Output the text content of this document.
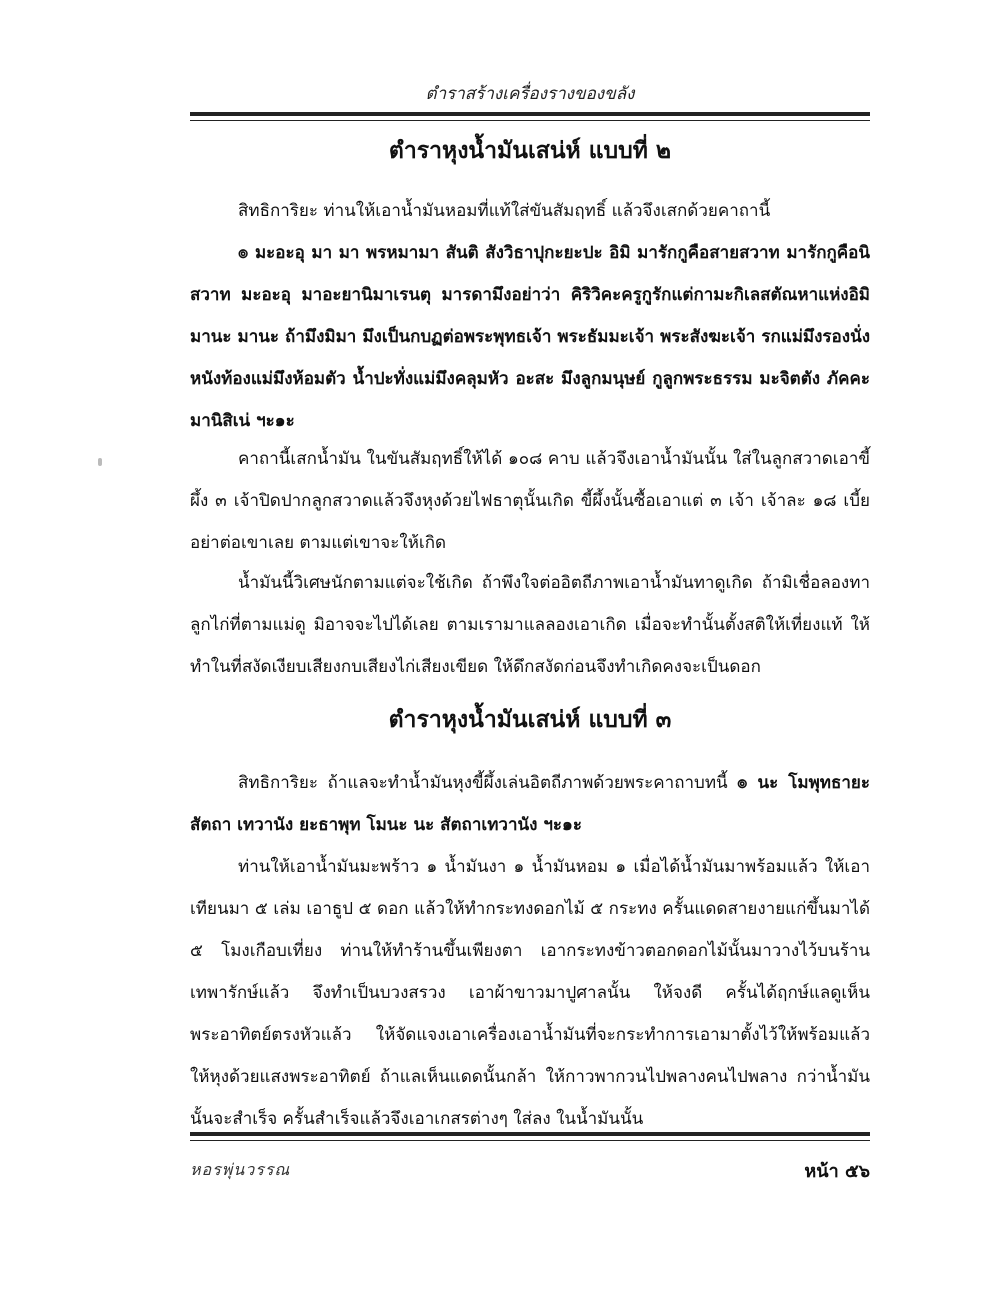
ตำราสร้างเครื่องรางของขลัง
ตำราหุงน้ำมันเสน่ห์ แบบที่ ๒

สิทธิการิยะ ท่านให้เอาน้ำมันหอมที่แท้ใส่ขันสัมฤทธิ์ แล้วจึงเสกด้วยคาถานี้

๏ มะอะอุ มา มา พรหมามา สันติ สังวิธาปุกะยะปะ อิมิ มารักกูคือสายสวาท มารักกูคือนิสวาท มะอะอุ มาอะยานิมาเรนตุ มารดามึงอย่าว่า คิริวิคะครูกูรักแต่กามะกิเลสตัณหาแห่งอิมิ มานะ มานะ ถ้ามึงมิมา มึงเป็นกบฏต่อพระพุทธเจ้า พระธัมมะเจ้า พระสังฆะเจ้า รกแม่มึงรองนั่ง หนังท้องแม่มึงห้อมตัว น้ำปะทั่งแม่มึงคลุมหัว อะสะ มึงลูกมนุษย์ กูลูกพระธรรม มะจิตตัง ภัคคะมานิสิเน่ ฯะ๑ะ

คาถานี้เสกน้ำมัน ในขันสัมฤทธิ์ให้ได้ ๑๐๘ คาบ แล้วจึงเอาน้ำมันนั้น ใส่ในลูกสวาดเอาขี้ผึ้ง ๓ เจ้าปิดปากลูกสวาดแล้วจึงหุงด้วยไฟธาตุนั้นเกิด ขี้ผึ้งนั้นซื้อเอาแต่ ๓ เจ้า เจ้าละ ๑๘ เบี้ยอย่าต่อเขาเลย ตามแต่เขาจะให้เกิด

น้ำมันนี้วิเศษนักตามแต่จะใช้เกิด ถ้าพึงใจต่ออิตถีภาพเอาน้ำมันทาดูเกิด ถ้ามิเชื่อลองทาลูกไก่ที่ตามแม่ดู มิอาจจะไปได้เลย ตามเรามาแลลองเอาเกิด เมื่อจะทำนั้นตั้งสติให้เที่ยงแท้ ให้ทำในที่สงัดเงียบเสียงกบเสียงไก่เสียงเขียด ให้ดึกสงัดก่อนจึงทำเกิดคงจะเป็นดอก

ตำราหุงน้ำมันเสน่ห์ แบบที่ ๓

สิทธิการิยะ ถ้าแลจะทำน้ำมันหุงขี้ผึ้งเล่นอิตถีภาพด้วยพระคาถาบทนี้ ๏ นะ โมพุทธายะ สัตถา เทวานัง ยะธาพุท โมนะ นะ สัตถาเทวานัง ฯะ๑ะ

ท่านให้เอาน้ำมันมะพร้าว ๑ น้ำมันงา ๑ น้ำมันหอม ๑ เมื่อได้น้ำมันมาพร้อมแล้ว ให้เอาเทียนมา ๕ เล่ม เอาธูป ๕ ดอก แล้วให้ทำกระทงดอกไม้ ๕ กระทง ครั้นแดดสายงายแก่ขึ้นมาได้ ๕ โมงเกือบเที่ยง ท่านให้ทำร้านขึ้นเพียงตา เอากระทงข้าวตอกดอกไม้นั้นมาวางไว้บนร้านเทพารักษ์แล้ว จึงทำเป็นบวงสรวง เอาผ้าขาวมาปูศาลนั้น ให้จงดี ครั้นได้ฤกษ์แลดูเห็นพระอาทิตย์ตรงหัวแล้ว ให้จัดแจงเอาเครื่องเอาน้ำมันที่จะกระทำการเอามาตั้งไว้ให้พร้อมแล้ว ให้หุงด้วยแสงพระอาทิตย์ ถ้าแลเห็นแดดนั้นกล้า ให้กาวพากวนไปพลางคนไปพลาง กว่าน้ำมันนั้นจะสำเร็จ ครั้นสำเร็จแล้วจึงเอาเกสรต่างๆ ใส่ลง ในน้ำมันนั้น

หอรพุ่นวรรณ	หน้า ๕๖
